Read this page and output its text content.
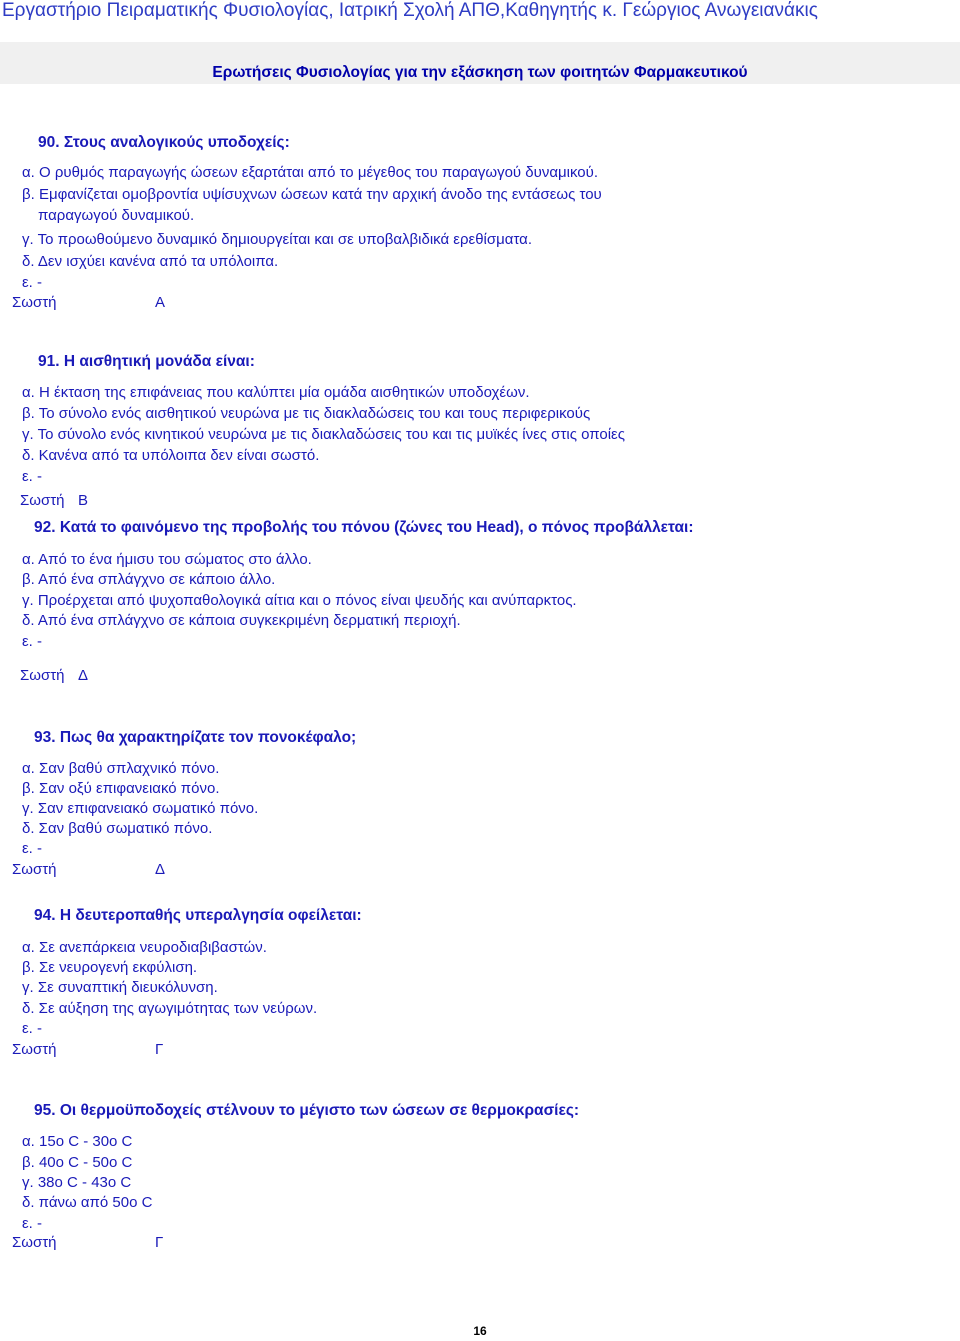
Εργαστήριο Πειραματικής Φυσιολογίας, Ιατρική Σχολή ΑΠΘ,Καθηγητής κ. Γεώργιος Ανωγειανάκις
Ερωτήσεις Φυσιολογίας για την εξάσκηση των φοιτητών Φαρμακευτικού
90. Στους αναλογικούς υποδοχείς:
α. Ο ρυθμός παραγωγής ώσεων εξαρτάται από το μέγεθος του παραγωγού δυναμικού.
β. Εμφανίζεται ομοβροντία υψίσυχνων ώσεων κατά την αρχική άνοδο της εντάσεως του
παραγωγού δυναμικού.
γ. Το προωθούμενο δυναμικό δημιουργείται και σε υποβαλβιδικά ερεθίσματα.
δ. Δεν ισχύει κανένα από τα υπόλοιπα.
ε. -
Σωστή	Α
91. Η αισθητική μονάδα είναι:
α. Η έκταση της επιφάνειας που καλύπτει μία ομάδα αισθητικών υποδοχέων.
β. Το σύνολο ενός αισθητικού νευρώνα με τις διακλαδώσεις του και τους περιφερικούς
γ. Το σύνολο ενός κινητικού νευρώνα με τις διακλαδώσεις του και τις μυϊκές ίνες στις οποίες
δ. Κανένα από τα υπόλοιπα δεν είναι σωστό.
ε. -
Σωστή Β
92. Κατά το φαινόμενο της προβολής του πόνου (ζώνες του Head), ο πόνος προβάλλεται:
α. Από το ένα ήμισυ του σώματος στο άλλο.
β. Από ένα σπλάγχνο σε κάποιο άλλο.
γ. Προέρχεται από ψυχοπαθολογικά αίτια και ο πόνος είναι ψευδής και ανύπαρκτος.
δ. Από ένα σπλάγχνο σε κάποια συγκεκριμένη δερματική περιοχή.
ε. -
Σωστή Δ
93. Πως θα χαρακτηρίζατε τον πονοκέφαλο;
α. Σαν βαθύ σπλαχνικό πόνο.
β. Σαν οξύ επιφανειακό πόνο.
γ. Σαν επιφανειακό σωματικό πόνο.
δ. Σαν βαθύ σωματικό πόνο.
ε. -
Σωστή	Δ
94. Η δευτεροπαθής υπεραλγησία οφείλεται:
α. Σε ανεπάρκεια νευροδιαβιβαστών.
β. Σε νευρογενή εκφύλιση.
γ. Σε συναπτική διευκόλυνση.
δ. Σε αύξηση της αγωγιμότητας των νεύρων.
ε. -
Σωστή	Γ
95. Οι θερμοϋποδοχείς στέλνουν το μέγιστο των ώσεων σε θερμοκρασίες:
α. 15ο C - 30ο C
β. 40ο C - 50ο C
γ. 38ο C - 43ο C
δ. πάνω από 50ο C
ε. -
Σωστή	Γ
16
